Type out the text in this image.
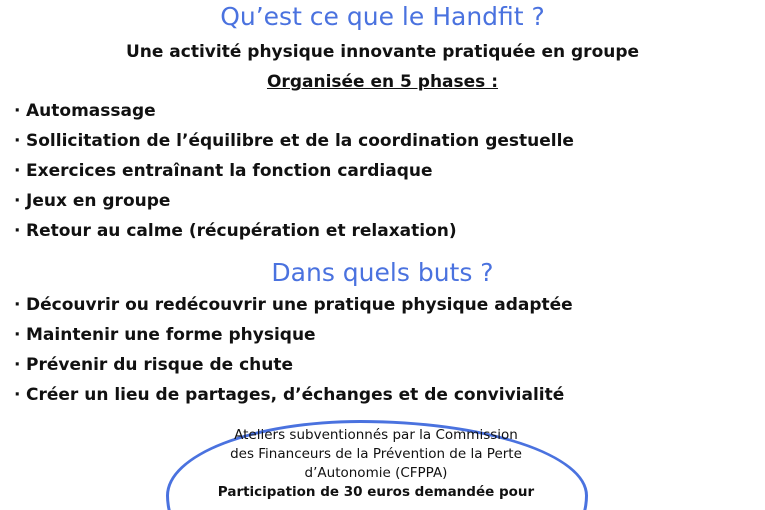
Qu’est ce que le Handfit ?

Une activité physique innovante pratiquée en groupe

Organisée en 5 phases :

· Automassage
· Sollicitation de l’équilibre et de la coordination gestuelle
· Exercices entraînant la fonction cardiaque
· Jeux en groupe
· Retour au calme (récupération et relaxation)
Dans quels buts ?
· Découvrir ou redécouvrir une pratique physique adaptée
· Maintenir une forme physique
· Prévenir du risque de chute
· Créer un lieu de partages, d’échanges et de convivialité

Ateliers subventionnés par la Commission
des Financeurs de la Prévention de la Perte
d’Autonomie (CFPPA)
Participation de 30 euros demandée pour
